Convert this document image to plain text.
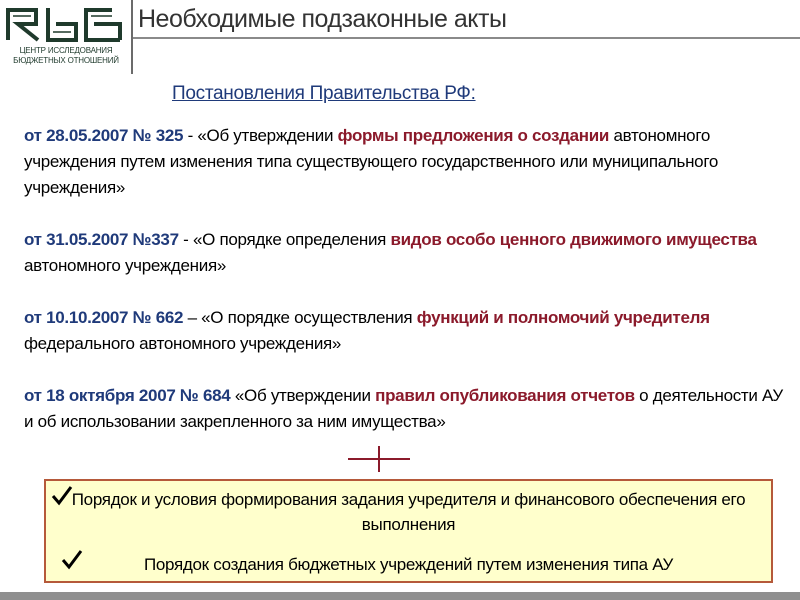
ЦЕНТР ИССЛЕДОВАНИЯ
БЮДЖЕТНЫХ ОТНОШЕНИЙ
Необходимые подзаконные акты
Постановления Правительства РФ:
от 28.05.2007 № 325 - «Об утверждении формы предложения о создании автономного учреждения путем изменения типа существующего государственного или муниципального учреждения»
от 31.05.2007 №337 - «О порядке определения видов особо ценного движимого имущества автономного учреждения»
от 10.10.2007 № 662 – «О порядке осуществления функций и полномочий учредителя федерального автономного учреждения»
от 18 октября 2007 № 684 «Об утверждении правил опубликования отчетов о деятельности АУ и об использовании закрепленного за ним имущества»
Порядок и условия формирования задания учредителя и финансового обеспечения его выполнения
Порядок создания бюджетных учреждений путем изменения типа АУ
